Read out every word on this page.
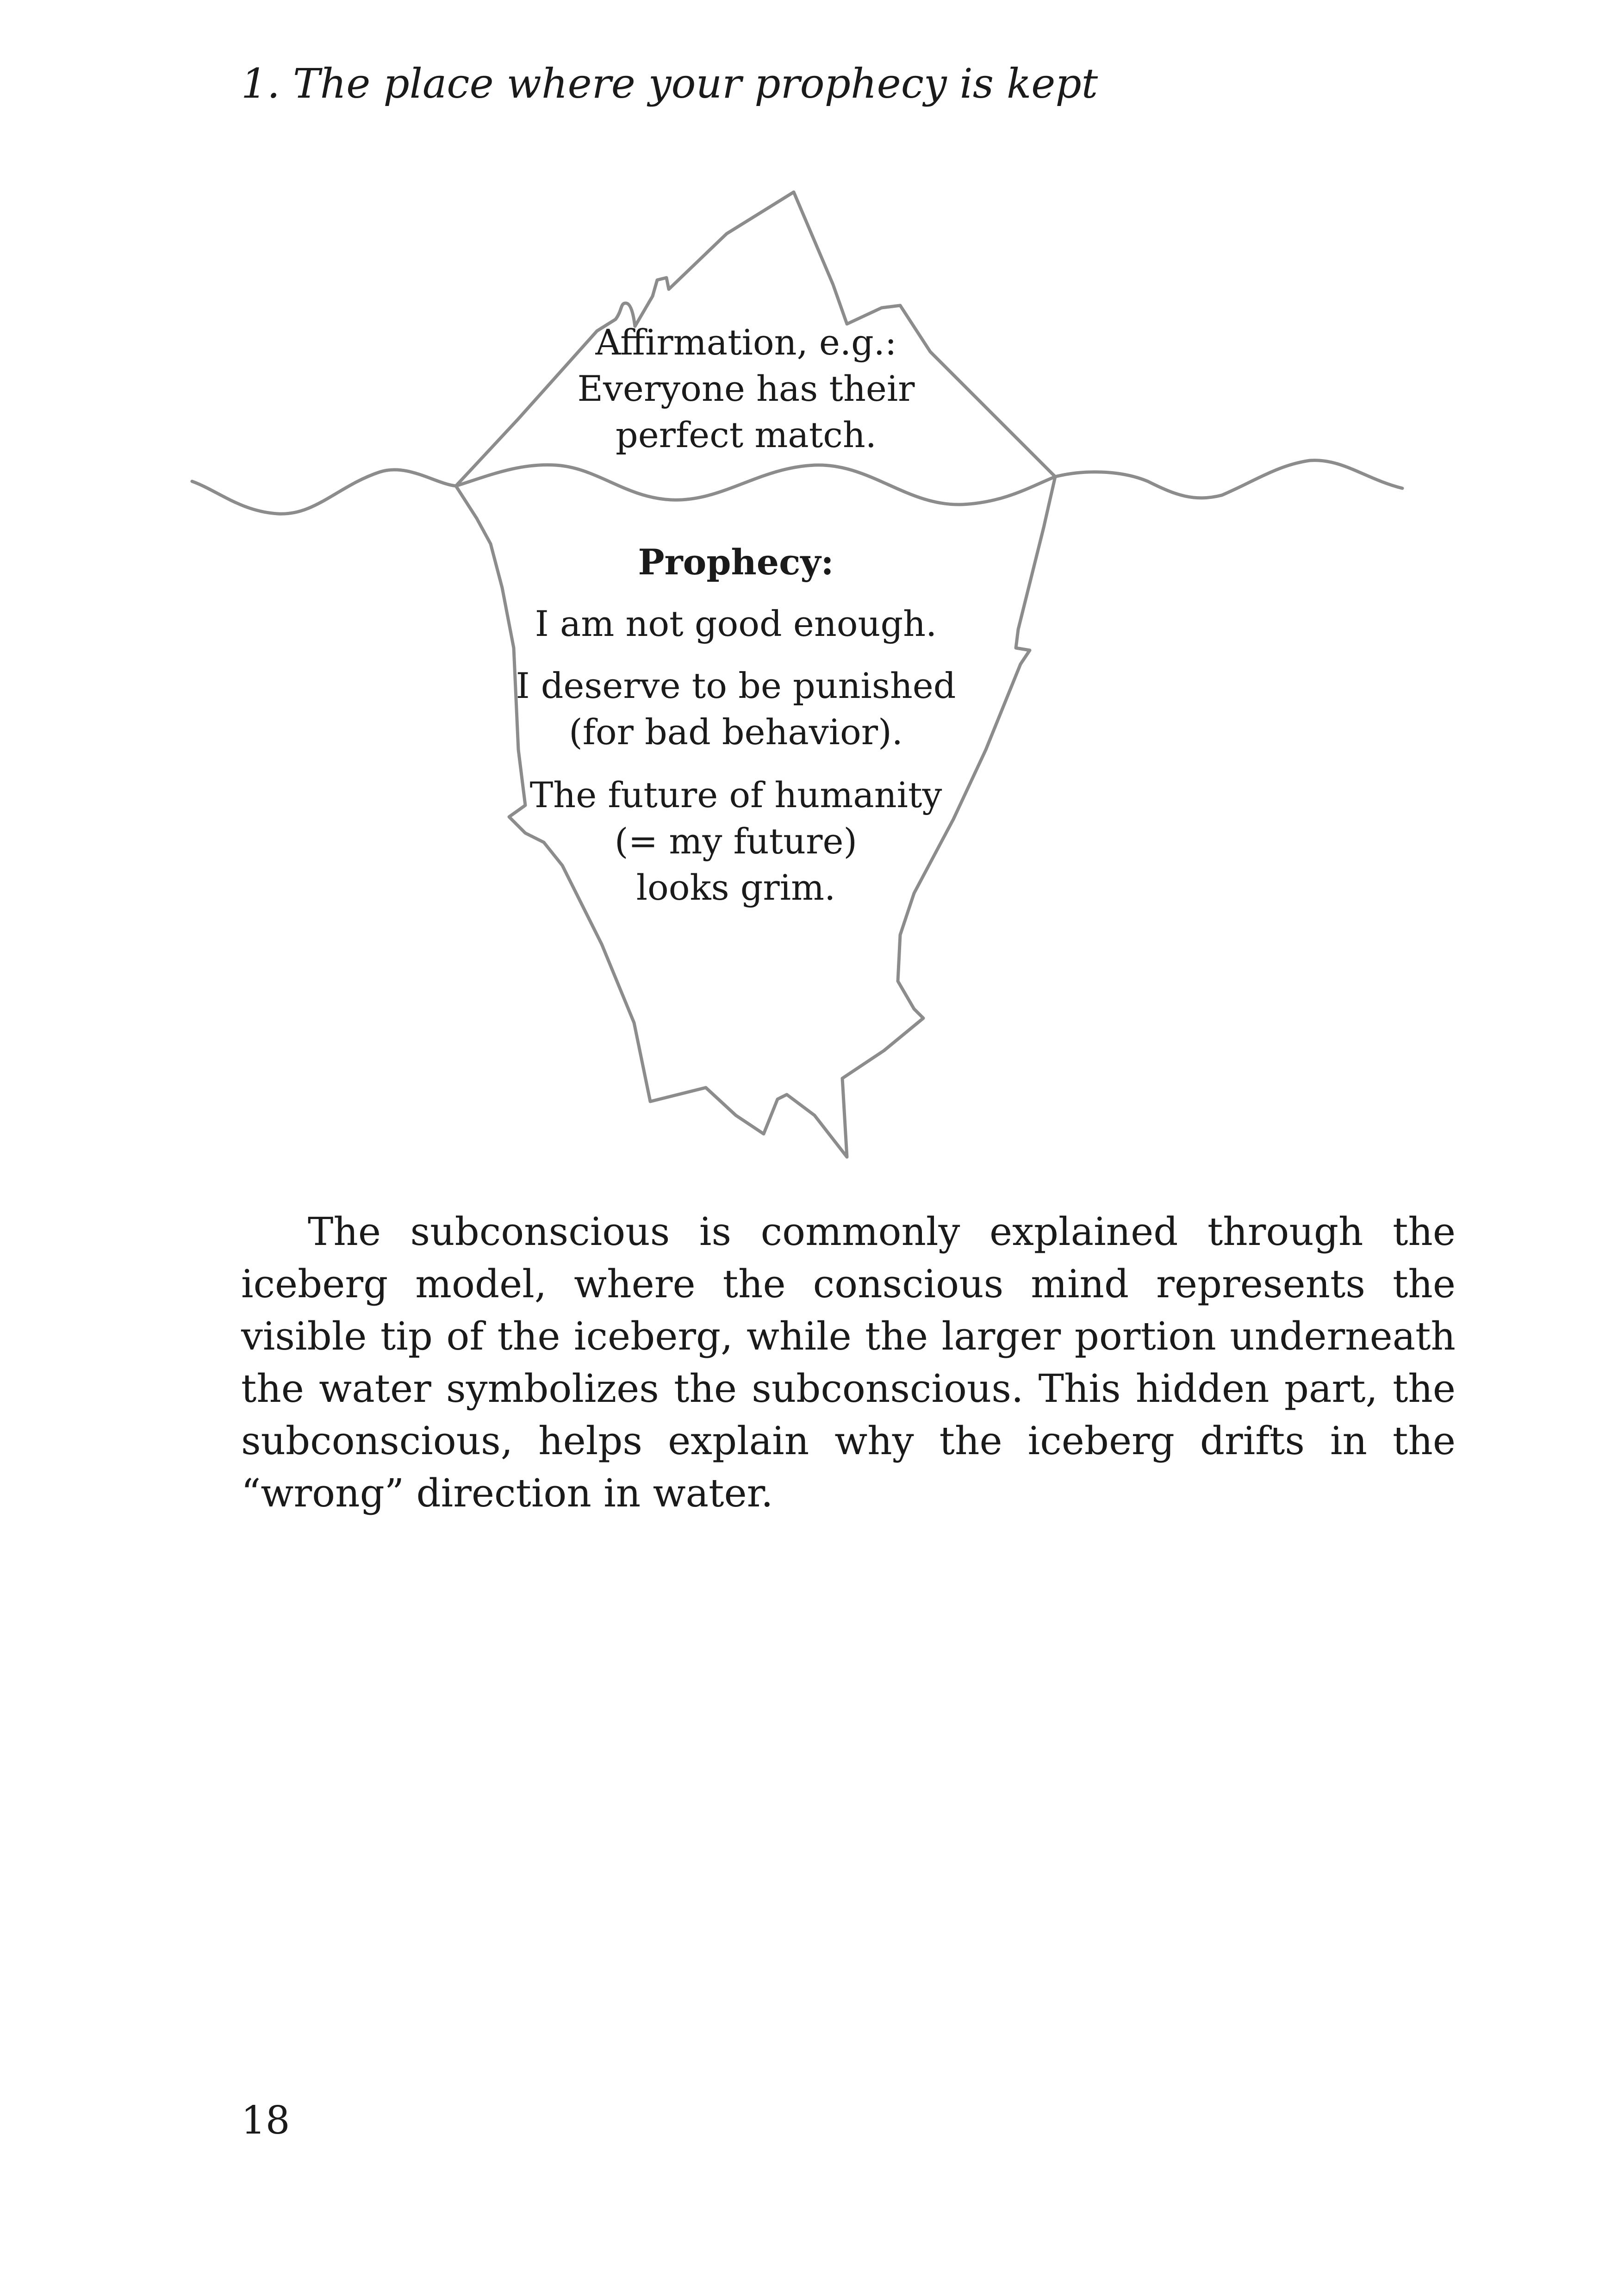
1. The place where your prophecy is kept

Affirmation, e.g.:

Everyone has their

perfect match.

Prophecy:

I am not good enough.

I deserve to be punished

(for bad behavior).

The future of humanity

(= my future)

looks grim.

The subconscious is commonly explained through the iceberg model, where the conscious mind represents the visible tip of the iceberg, while the larger portion underneath the water symbolizes the subconscious. This hidden part, the subconscious, helps explain why the iceberg drifts in the “wrong” direction in water.

18
